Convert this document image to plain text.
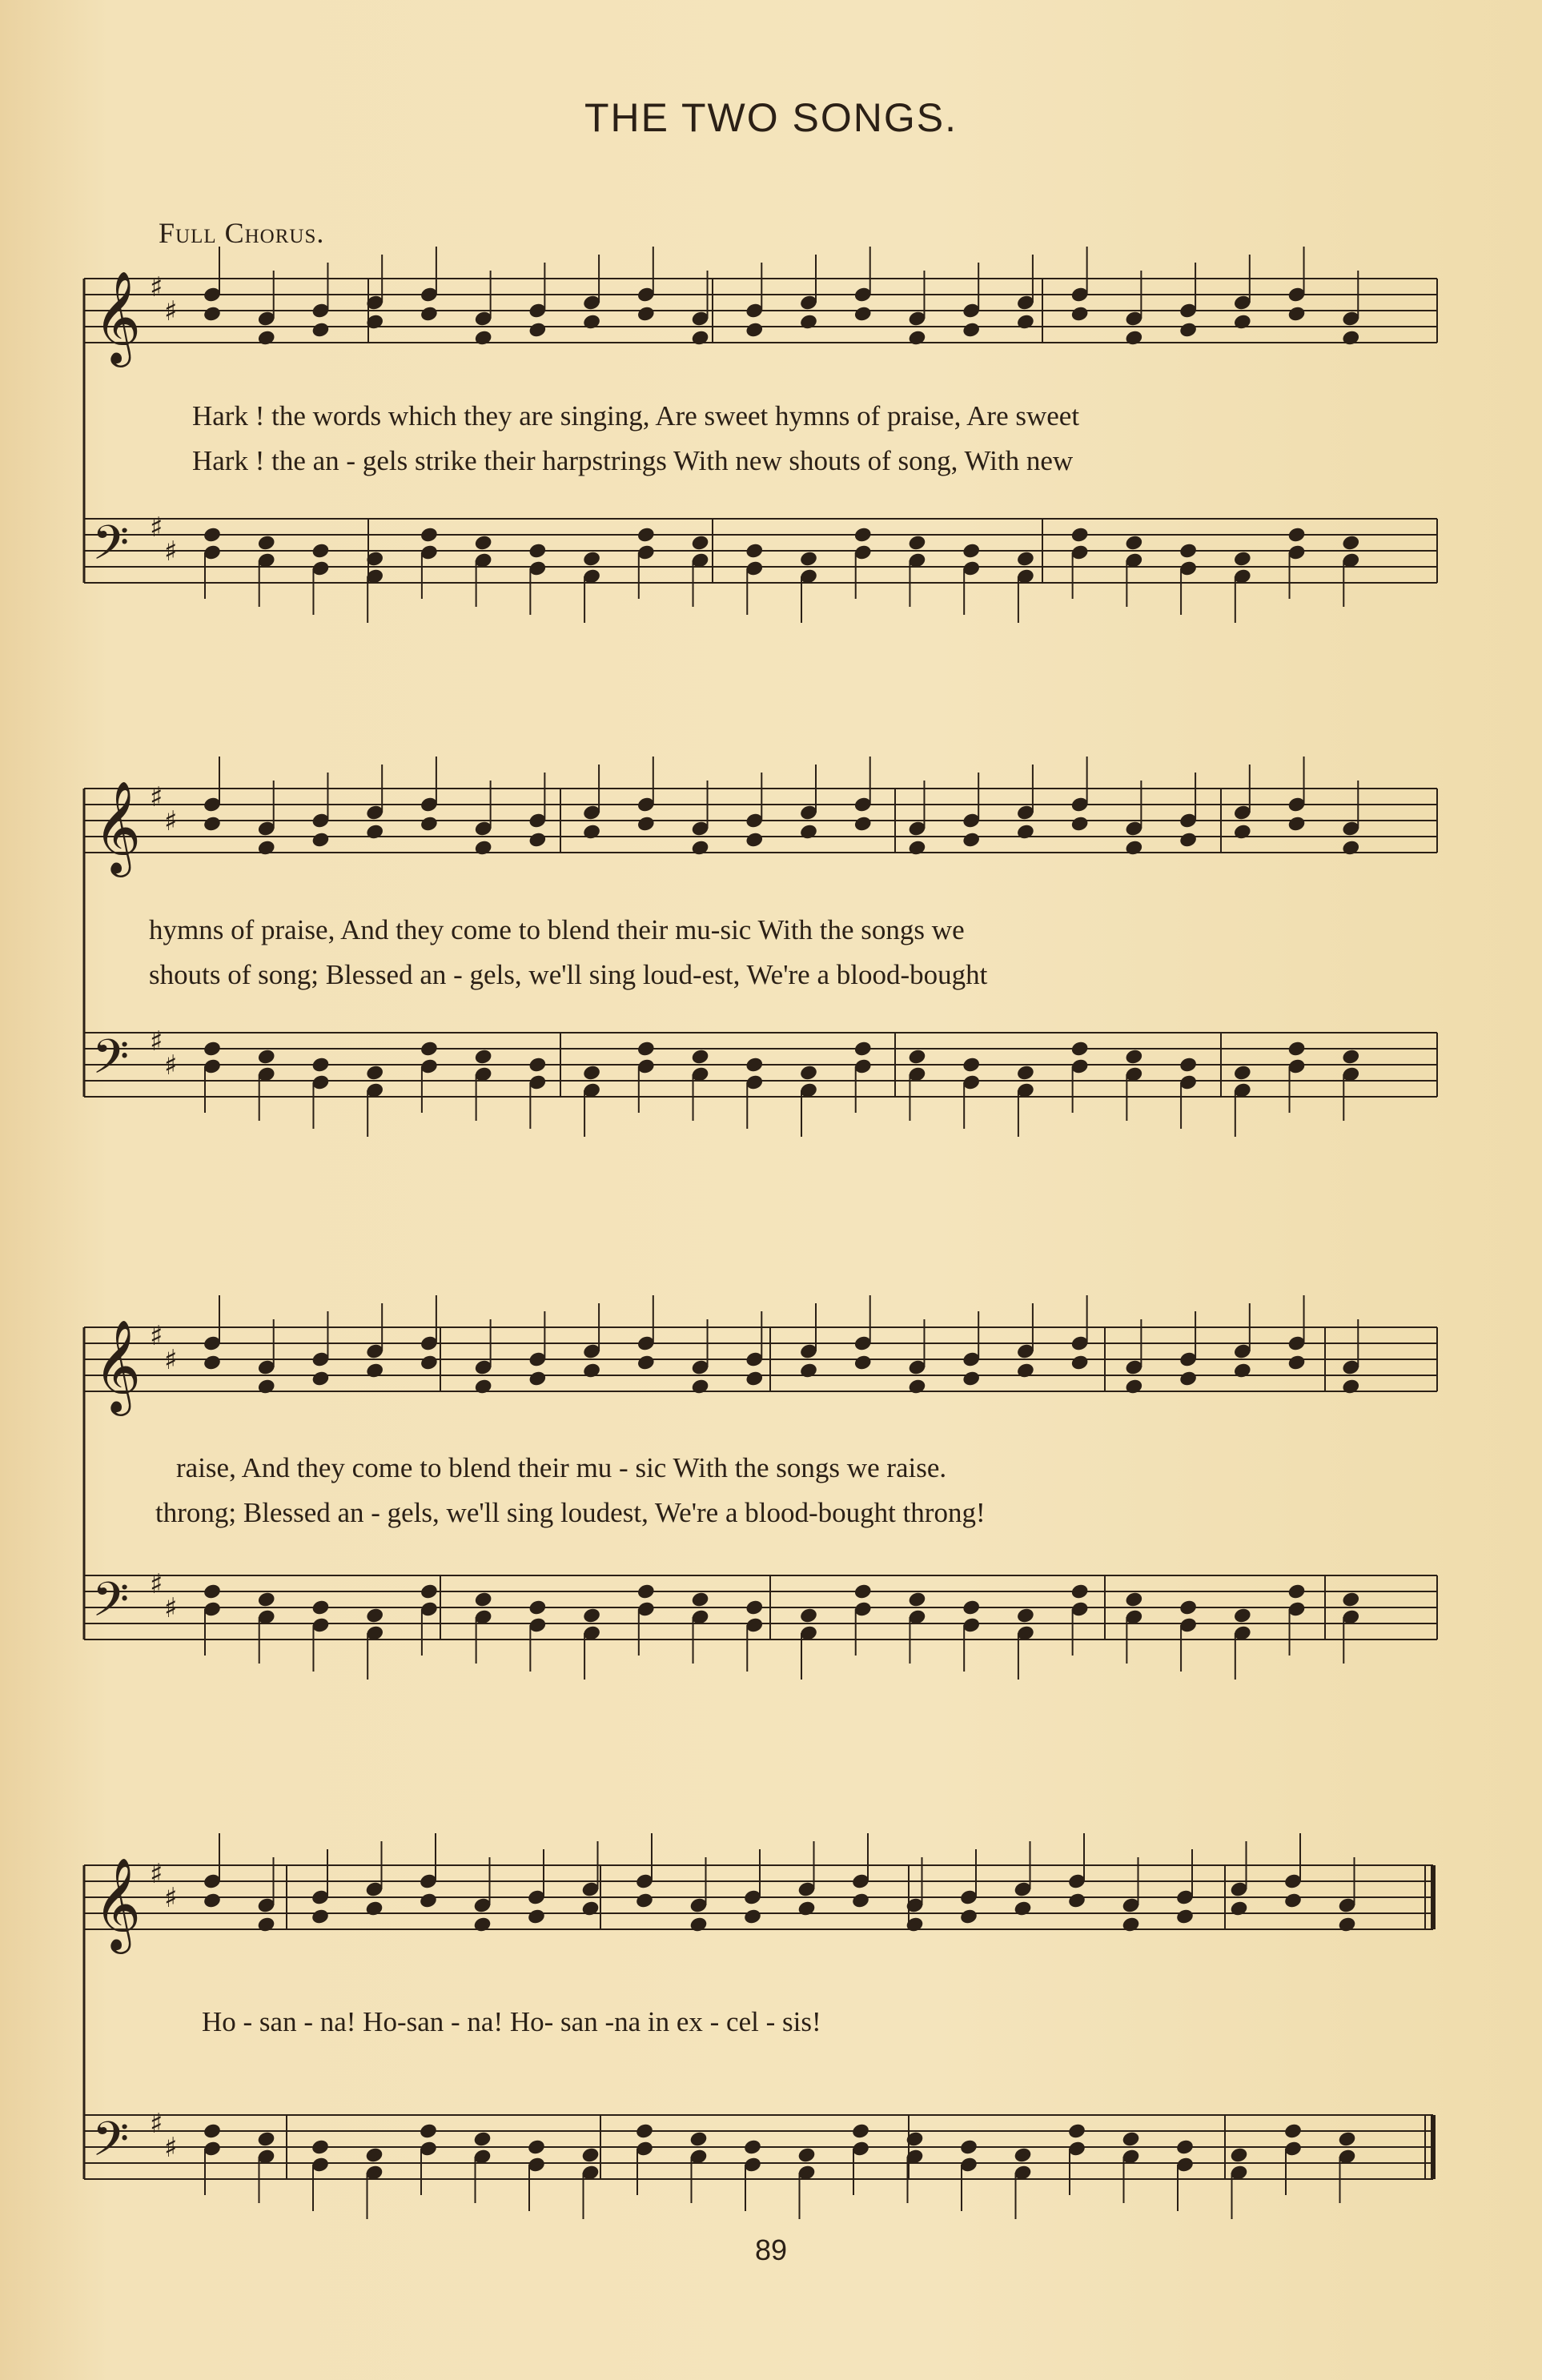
THE TWO SONGS.
Full Chorus.
𝄞
𝄢
♯
♯
♯
♯
𝄞
𝄢
♯
♯
♯
♯
𝄞
𝄢
♯
♯
♯
♯
𝄞
𝄢
♯
♯
♯
♯
Hark ! the words which they are singing, Are sweet hymns of praise, Are sweet
Hark ! the an - gels strike their harpstrings With new shouts of song, With new
hymns of praise, And they come to blend their mu-sic With the songs we
shouts of song; Blessed an - gels, we'll sing loud-est, We're a blood-bought
raise, And they come to blend their mu - sic With the songs we raise.
throng; Blessed an - gels, we'll sing loudest, We're a blood-bought throng!
Ho - san - na! Ho-san - na! Ho- san -na in ex - cel - sis!
89
